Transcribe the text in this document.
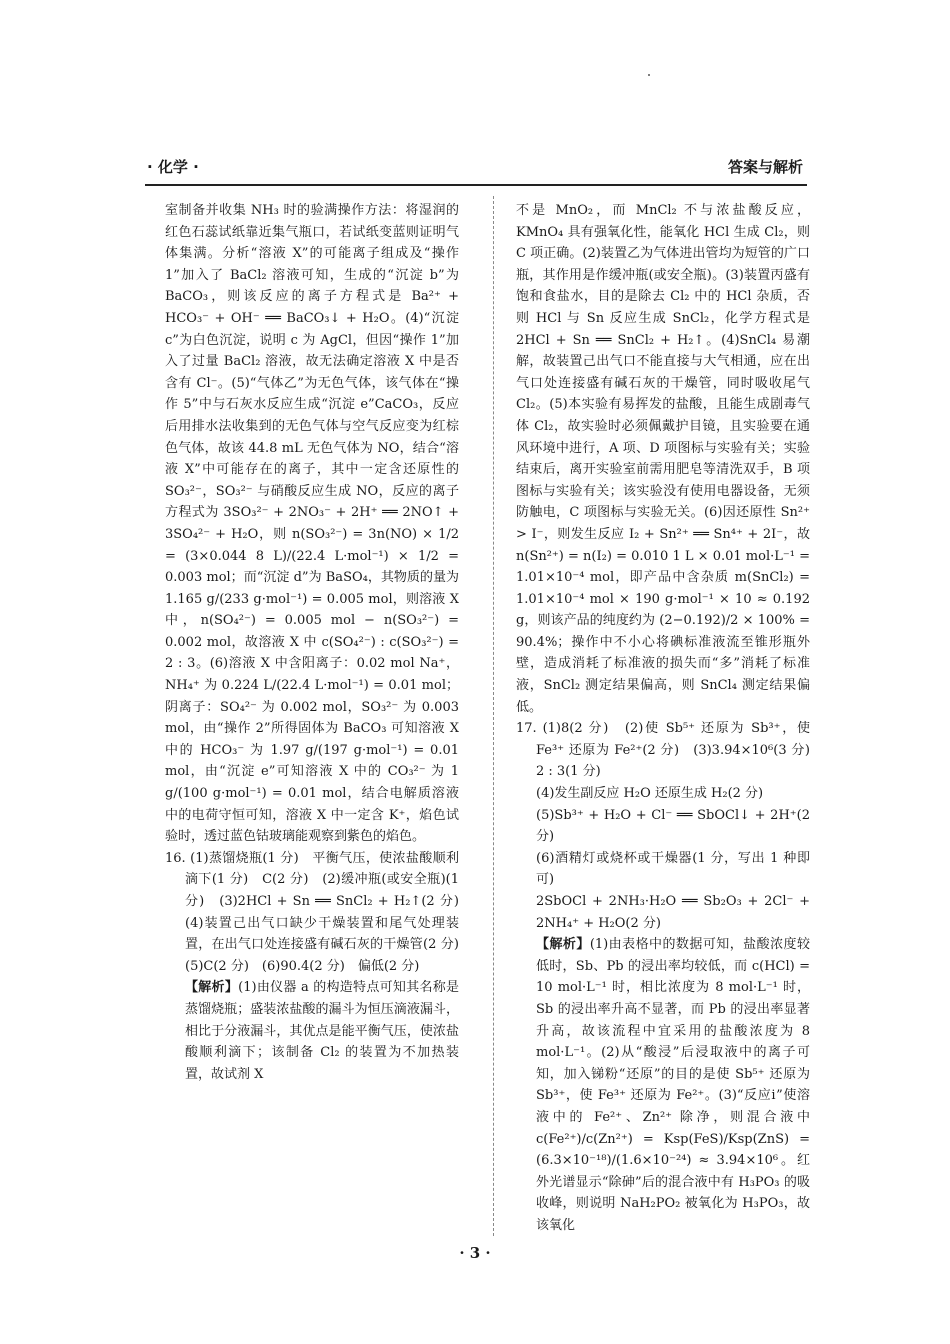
· 化学 ·	答案与解析

室制备并收集 NH₃ 时的验满操作方法：将湿润的红色石蕊试纸靠近集气瓶口，若试纸变蓝则证明气体集满。分析“溶液 X”的可能离子组成及“操作 1”加入了 BaCl₂ 溶液可知，生成的“沉淀 b”为 BaCO₃，则该反应的离子方程式是 Ba²⁺ + HCO₃⁻ + OH⁻ ══ BaCO₃↓ + H₂O。(4)“沉淀 c”为白色沉淀，说明 c 为 AgCl，但因“操作 1”加入了过量 BaCl₂ 溶液，故无法确定溶液 X 中是否含有 Cl⁻。(5)“气体乙”为无色气体，该气体在“操作 5”中与石灰水反应生成“沉淀 e”CaCO₃，反应后用排水法收集到的无色气体与空气反应变为红棕色气体，故该 44.8 mL 无色气体为 NO，结合“溶液 X”中可能存在的离子，其中一定含还原性的 SO₃²⁻，SO₃²⁻ 与硝酸反应生成 NO，反应的离子方程式为 3SO₃²⁻ + 2NO₃⁻ + 2H⁺ ══ 2NO↑ + 3SO₄²⁻ + H₂O，则 n(SO₃²⁻) = 3n(NO) × 1/2 = (3×0.044 8 L)/(22.4 L·mol⁻¹) × 1/2 = 0.003 mol；而“沉淀 d”为 BaSO₄，其物质的量为 1.165 g/(233 g·mol⁻¹) = 0.005 mol，则溶液 X 中，n(SO₄²⁻) = 0.005 mol − n(SO₃²⁻) = 0.002 mol，故溶液 X 中 c(SO₄²⁻) : c(SO₃²⁻) = 2 : 3。(6)溶液 X 中含阳离子：0.02 mol Na⁺，NH₄⁺ 为 0.224 L/(22.4 L·mol⁻¹) = 0.01 mol；阴离子：SO₄²⁻ 为 0.002 mol，SO₃²⁻ 为 0.003 mol，由“操作 2”所得固体为 BaCO₃ 可知溶液 X 中的 HCO₃⁻ 为 1.97 g/(197 g·mol⁻¹) = 0.01 mol，由“沉淀 e”可知溶液 X 中的 CO₃²⁻ 为 1 g/(100 g·mol⁻¹) = 0.01 mol，结合电解质溶液中的电荷守恒可知，溶液 X 中一定含 K⁺，焰色试验时，透过蓝色钴玻璃能观察到紫色的焰色。

16. (1)蒸馏烧瓶(1 分)　平衡气压，使浓盐酸顺利滴下(1 分)　C(2 分)　(2)缓冲瓶(或安全瓶)(1 分)　(3)2HCl + Sn ══ SnCl₂ + H₂↑(2 分)　(4)装置己出气口缺少干燥装置和尾气处理装置，在出气口处连接盛有碱石灰的干燥管(2 分)　(5)C(2 分)　(6)90.4(2 分)　偏低(2 分)

【解析】(1)由仪器 a 的构造特点可知其名称是蒸馏烧瓶；盛装浓盐酸的漏斗为恒压滴液漏斗，相比于分液漏斗，其优点是能平衡气压，使浓盐酸顺利滴下；该制备 Cl₂ 的装置为不加热装置，故试剂 X

不是 MnO₂，而 MnCl₂ 不与浓盐酸反应，KMnO₄ 具有强氧化性，能氧化 HCl 生成 Cl₂，则 C 项正确。(2)装置乙为气体进出管均为短管的广口瓶，其作用是作缓冲瓶(或安全瓶)。(3)装置丙盛有饱和食盐水，目的是除去 Cl₂ 中的 HCl 杂质，否则 HCl 与 Sn 反应生成 SnCl₂，化学方程式是 2HCl + Sn ══ SnCl₂ + H₂↑。(4)SnCl₄ 易潮解，故装置己出气口不能直接与大气相通，应在出气口处连接盛有碱石灰的干燥管，同时吸收尾气 Cl₂。(5)本实验有易挥发的盐酸，且能生成剧毒气体 Cl₂，故实验时必须佩戴护目镜，且实验要在通风环境中进行，A 项、D 项图标与实验有关；实验结束后，离开实验室前需用肥皂等清洗双手，B 项图标与实验有关；该实验没有使用电器设备，无须防触电，C 项图标与实验无关。(6)因还原性 Sn²⁺ > I⁻，则发生反应 I₂ + Sn²⁺ ══ Sn⁴⁺ + 2I⁻，故 n(Sn²⁺) = n(I₂) = 0.010 1 L × 0.01 mol·L⁻¹ = 1.01×10⁻⁴ mol，即产品中含杂质 m(SnCl₂) = 1.01×10⁻⁴ mol × 190 g·mol⁻¹ × 10 ≈ 0.192 g，则该产品的纯度约为 (2−0.192)/2 × 100% = 90.4%；操作中不小心将碘标准液流至锥形瓶外壁，造成消耗了标准液的损失而“多”消耗了标准液，SnCl₂ 测定结果偏高，则 SnCl₄ 测定结果偏低。

17. (1)8(2 分)　(2)使 Sb⁵⁺ 还原为 Sb³⁺，使 Fe³⁺ 还原为 Fe²⁺(2 分)　(3)3.94×10⁶(3 分)　2 : 3(1 分)

(4)发生副反应 H₂O 还原生成 H₂(2 分)

(5)Sb³⁺ + H₂O + Cl⁻ ══ SbOCl↓ + 2H⁺(2 分)

(6)酒精灯或烧杯或干燥器(1 分，写出 1 种即可)

2SbOCl + 2NH₃·H₂O ══ Sb₂O₃ + 2Cl⁻ + 2NH₄⁺ + H₂O(2 分)

【解析】(1)由表格中的数据可知，盐酸浓度较低时，Sb、Pb 的浸出率均较低，而 c(HCl) = 10 mol·L⁻¹ 时，相比浓度为 8 mol·L⁻¹ 时，Sb 的浸出率升高不显著，而 Pb 的浸出率显著升高，故该流程中宜采用的盐酸浓度为 8 mol·L⁻¹。(2)从“酸浸”后浸取液中的离子可知，加入锑粉“还原”的目的是使 Sb⁵⁺ 还原为 Sb³⁺，使 Fe³⁺ 还原为 Fe²⁺。(3)“反应ⅰ”使溶液中的 Fe²⁺、Zn²⁺ 除净，则混合液中 c(Fe²⁺)/c(Zn²⁺) = Ksp(FeS)/Ksp(ZnS) = (6.3×10⁻¹⁸)/(1.6×10⁻²⁴) ≈ 3.94×10⁶。红外光谱显示“除砷”后的混合液中有 H₃PO₃ 的吸收峰，则说明 NaH₂PO₂ 被氧化为 H₃PO₃，故该氧化

· 3 ·
